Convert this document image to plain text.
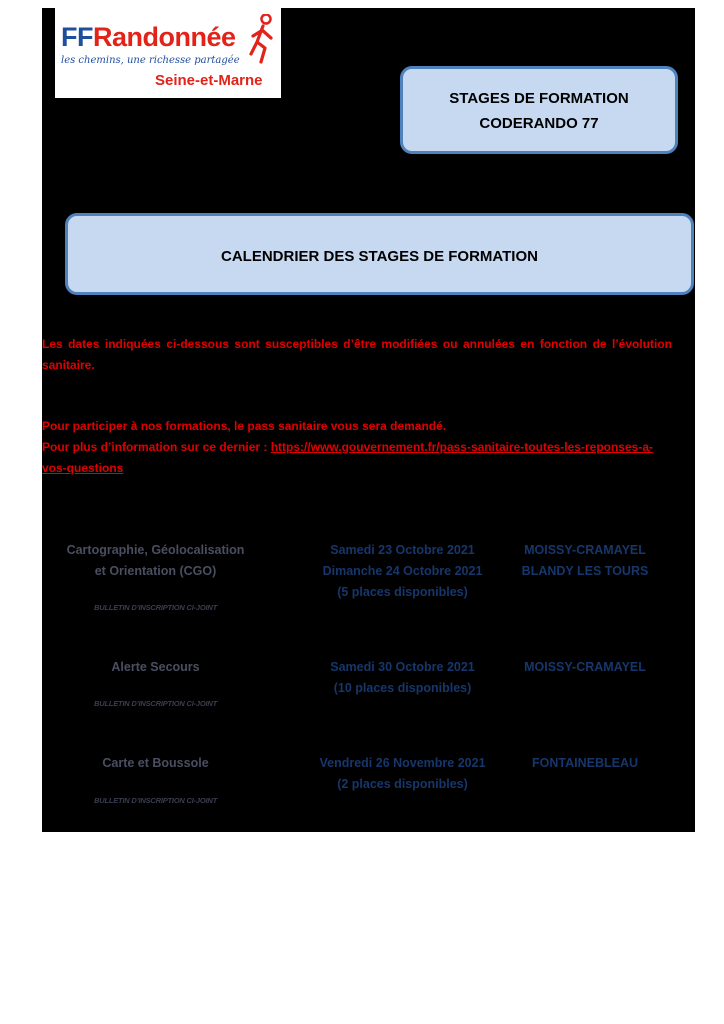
FFRandonnée
les chemins, une richesse partagée
Seine-et-Marne
STAGES DE FORMATION
CODERANDO 77
CALENDRIER DES STAGES DE FORMATION
Les dates indiquées ci-dessous sont susceptibles d’être modifiées ou annulées en fonction de l’évolution sanitaire.
Pour participer à nos formations, le pass sanitaire vous sera demandé.
Pour plus d’information sur ce dernier : https://www.gouvernement.fr/pass-sanitaire-toutes-les-reponses-a-vos-questions
Cartographie, Géolocalisation
et Orientation (CGO)
Samedi 23 Octobre 2021
Dimanche 24 Octobre 2021
(5 places disponibles)
MOISSY-CRAMAYEL
BLANDY LES TOURS
BULLETIN D’INSCRIPTION CI-JOINT
Alerte Secours	Samedi 30 Octobre 2021
(10 places disponibles)
MOISSY-CRAMAYEL
BULLETIN D’INSCRIPTION CI-JOINT
Carte et Boussole	Vendredi 26 Novembre 2021
(2 places disponibles)
FONTAINEBLEAU
BULLETIN D’INSCRIPTION CI-JOINT
